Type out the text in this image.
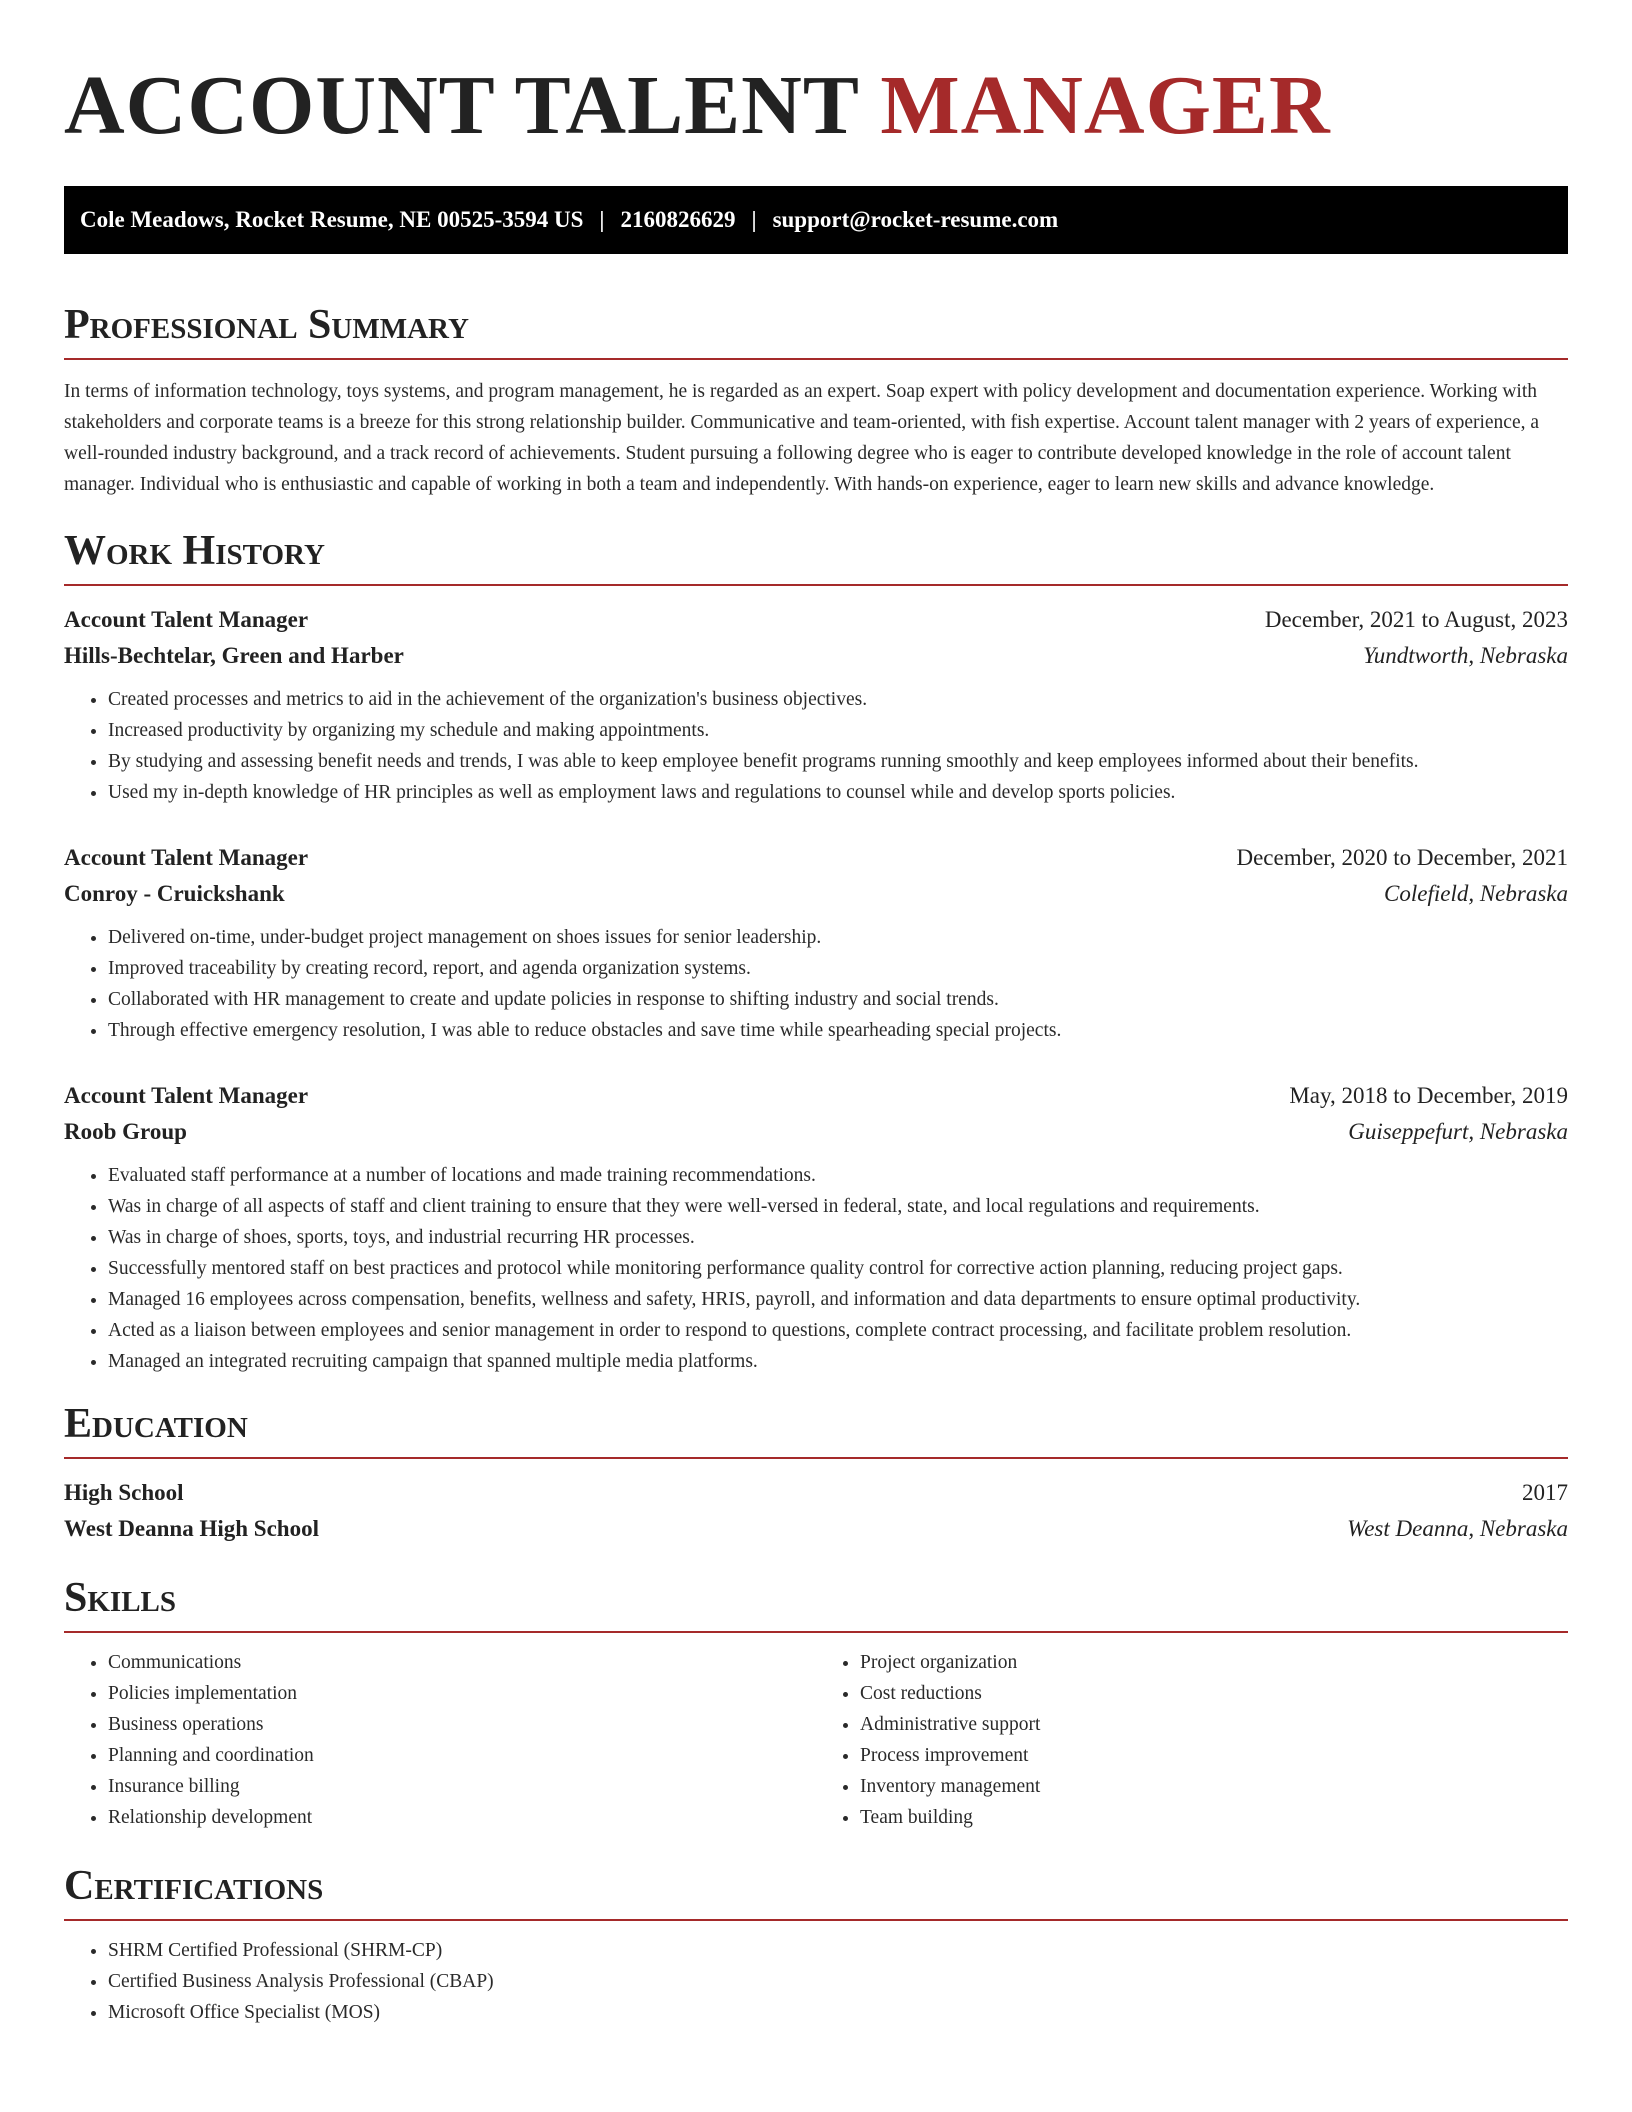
ACCOUNT TALENT MANAGER
Cole Meadows, Rocket Resume, NE 00525-3594 US | 2160826629 | support@rocket-resume.com
Professional Summary

In terms of information technology, toys systems, and program management, he is regarded as an expert. Soap expert with policy development and documentation experience. Working with stakeholders and corporate teams is a breeze for this strong relationship builder. Communicative and team-oriented, with fish expertise. Account talent manager with 2 years of experience, a well-rounded industry background, and a track record of achievements. Student pursuing a following degree who is eager to contribute developed knowledge in the role of account talent manager. Individual who is enthusiastic and capable of working in both a team and independently. With hands-on experience, eager to learn new skills and advance knowledge.

Work History
Account Talent Manager	December, 2021 to August, 2023
Hills-Bechtelar, Green and Harber	Yundtworth, Nebraska
• Created processes and metrics to aid in the achievement of the organization's business objectives.
• Increased productivity by organizing my schedule and making appointments.
• By studying and assessing benefit needs and trends, I was able to keep employee benefit programs running smoothly and keep employees informed about their benefits.
• Used my in-depth knowledge of HR principles as well as employment laws and regulations to counsel while and develop sports policies.
Account Talent Manager	December, 2020 to December, 2021
Conroy - Cruickshank	Colefield, Nebraska
• Delivered on-time, under-budget project management on shoes issues for senior leadership.
• Improved traceability by creating record, report, and agenda organization systems.
• Collaborated with HR management to create and update policies in response to shifting industry and social trends.
• Through effective emergency resolution, I was able to reduce obstacles and save time while spearheading special projects.
Account Talent Manager	May, 2018 to December, 2019
Roob Group	Guiseppefurt, Nebraska
• Evaluated staff performance at a number of locations and made training recommendations.
• Was in charge of all aspects of staff and client training to ensure that they were well-versed in federal, state, and local regulations and requirements.
• Was in charge of shoes, sports, toys, and industrial recurring HR processes.
• Successfully mentored staff on best practices and protocol while monitoring performance quality control for corrective action planning, reducing project gaps.
• Managed 16 employees across compensation, benefits, wellness and safety, HRIS, payroll, and information and data departments to ensure optimal productivity.
• Acted as a liaison between employees and senior management in order to respond to questions, complete contract processing, and facilitate problem resolution.
• Managed an integrated recruiting campaign that spanned multiple media platforms.
Education
High School	2017
West Deanna High School	West Deanna, Nebraska
Skills
• Communications
• Policies implementation
• Business operations
• Planning and coordination
• Insurance billing
• Relationship development
• Project organization
• Cost reductions
• Administrative support
• Process improvement
• Inventory management
• Team building
Certifications
• SHRM Certified Professional (SHRM-CP)
• Certified Business Analysis Professional (CBAP)
• Microsoft Office Specialist (MOS)
